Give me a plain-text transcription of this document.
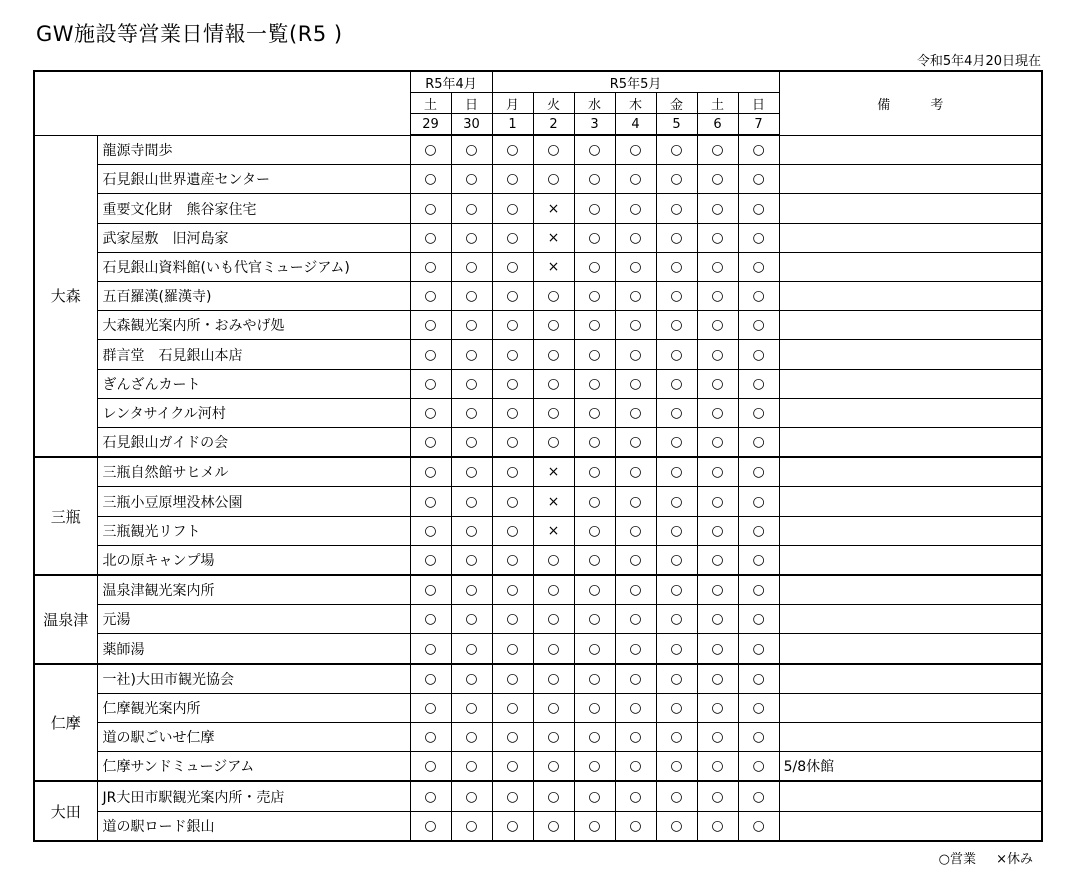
GW施設等営業日情報一覧(R5 )
令和5年4月20日現在
		R5年4月		R5年5月							備 考
		土	日	月	火	水	木	金	土	日	
		29	30	1	2	3	4	5	6	7	
大森	龍源寺間歩	○	○	○	○	○	○	○	○	○	
	石見銀山世界遺産センター	○	○	○	○	○	○	○	○	○	
	重要文化財　熊谷家住宅	○	○	○	×	○	○	○	○	○	
	武家屋敷　旧河島家	○	○	○	×	○	○	○	○	○	
	石見銀山資料館(いも代官ミュージアム)	○	○	○	×	○	○	○	○	○	
	五百羅漢(羅漢寺)	○	○	○	○	○	○	○	○	○	
	大森観光案内所・おみやげ処	○	○	○	○	○	○	○	○	○	
	群言堂　石見銀山本店	○	○	○	○	○	○	○	○	○	
	ぎんざんカート	○	○	○	○	○	○	○	○	○	
	レンタサイクル河村	○	○	○	○	○	○	○	○	○	
	石見銀山ガイドの会	○	○	○	○	○	○	○	○	○	
三瓶	三瓶自然館サヒメル	○	○	○	×	○	○	○	○	○	
	三瓶小豆原埋没林公園	○	○	○	×	○	○	○	○	○	
	三瓶観光リフト	○	○	○	×	○	○	○	○	○	
	北の原キャンプ場	○	○	○	○	○	○	○	○	○	
温泉津	温泉津観光案内所	○	○	○	○	○	○	○	○	○	
	元湯	○	○	○	○	○	○	○	○	○	
	薬師湯	○	○	○	○	○	○	○	○	○	
仁摩	一社)大田市観光協会	○	○	○	○	○	○	○	○	○	
	仁摩観光案内所	○	○	○	○	○	○	○	○	○	
	道の駅ごいせ仁摩	○	○	○	○	○	○	○	○	○	
	仁摩サンドミュージアム	○	○	○	○	○	○	○	○	○	5/8休館
大田	JR大田市駅観光案内所・売店	○	○	○	○	○	○	○	○	○	
	道の駅ロード銀山	○	○	○	○	○	○	○	○	○	
○営業 ×休み
